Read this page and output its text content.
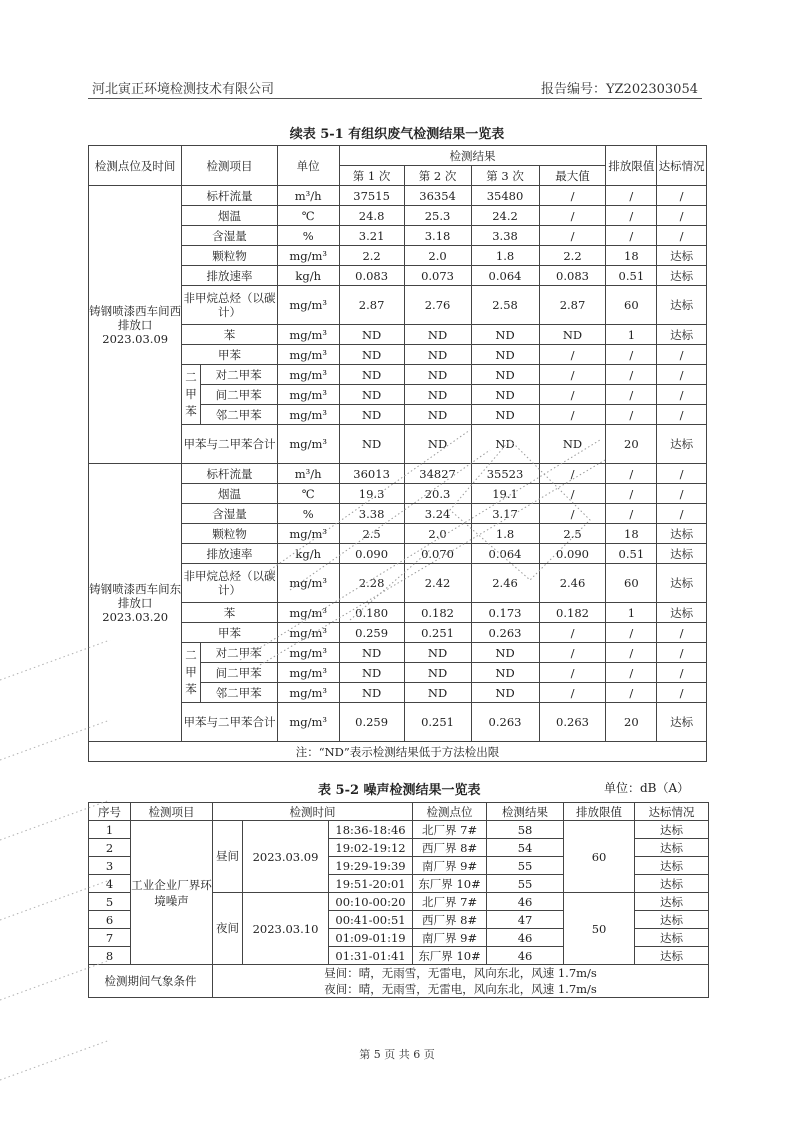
河北寅正环境检测技术有限公司	报告编号：YZ202303054
续表 5-1 有组织废气检测结果一览表
检测点位及时间	检测项目		单位	检测结果				排放限值	达标情况
				第 1 次	第 2 次	第 3 次	最大值		
铸钢喷漆西车间西排放口 2023.03.09	标杆流量		m³/h	37515	36354	35480	/	/	/
	烟温		℃	24.8	25.3	24.2	/	/	/
	含湿量		%	3.21	3.18	3.38	/	/	/
	颗粒物		mg/m³	2.2	2.0	1.8	2.2	18	达标
	排放速率		kg/h	0.083	0.073	0.064	0.083	0.51	达标
	非甲烷总烃（以碳计）		mg/m³	2.87	2.76	2.58	2.87	60	达标
	苯		mg/m³	ND	ND	ND	ND	1	达标
	甲苯		mg/m³	ND	ND	ND	/	/	/
	二甲苯	对二甲苯	mg/m³	ND	ND	ND	/	/	/
		间二甲苯	mg/m³	ND	ND	ND	/	/	/
		邻二甲苯	mg/m³	ND	ND	ND	/	/	/
	甲苯与二甲苯合计		mg/m³	ND	ND	ND	ND	20	达标
铸钢喷漆西车间东排放口 2023.03.20	标杆流量		m³/h	36013	34827	35523	/	/	/
	烟温		℃	19.3	20.3	19.1	/	/	/
	含湿量		%	3.38	3.24	3.17	/	/	/
	颗粒物		mg/m³	2.5	2.0	1.8	2.5	18	达标
	排放速率		kg/h	0.090	0.070	0.064	0.090	0.51	达标
	非甲烷总烃（以碳计）		mg/m³	2.28	2.42	2.46	2.46	60	达标
	苯		mg/m³	0.180	0.182	0.173	0.182	1	达标
	甲苯		mg/m³	0.259	0.251	0.263	/	/	/
	二甲苯	对二甲苯	mg/m³	ND	ND	ND	/	/	/
		间二甲苯	mg/m³	ND	ND	ND	/	/	/
		邻二甲苯	mg/m³	ND	ND	ND	/	/	/
	甲苯与二甲苯合计		mg/m³	0.259	0.251	0.263	0.263	20	达标
注：“ND”表示检测结果低于方法检出限									
表 5-2 噪声检测结果一览表	单位：dB（A）
序号	检测项目	检测时间			检测点位	检测结果	排放限值	达标情况
1	工业企业厂界环境噪声	昼间	2023.03.09	18:36-18:46	北厂界 7#	58	60	达标
2				19:02-19:12	西厂界 8#	54		达标
3				19:29-19:39	南厂界 9#	55		达标
4				19:51-20:01	东厂界 10#	55		达标
5		夜间	2023.03.10	00:10-00:20	北厂界 7#	46	50	达标
6				00:41-00:51	西厂界 8#	47		达标
7				01:09-01:19	南厂界 9#	46		达标
8				01:31-01:41	东厂界 10#	46		达标
检测期间气象条件		昼间：晴，无雨雪，无雷电，风向东北，风速 1.7m/s
夜间：晴，无雨雪，无雷电，风向东北，风速 1.7m/s						
第 5 页 共 6 页
